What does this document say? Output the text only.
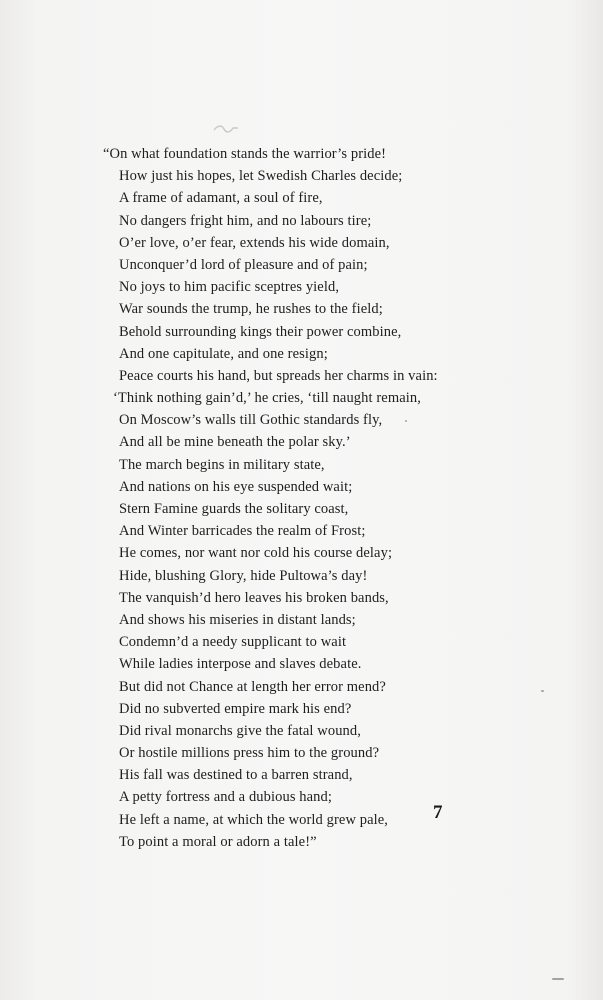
“On what foundation stands the warrior’s pride!
How just his hopes, let Swedish Charles decide;
A frame of adamant, a soul of fire,
No dangers fright him, and no labours tire;
O’er love, o’er fear, extends his wide domain,
Unconquer’d lord of pleasure and of pain;
No joys to him pacific sceptres yield,
War sounds the trump, he rushes to the field;
Behold surrounding kings their power combine,
And one capitulate, and one resign;
Peace courts his hand, but spreads her charms in vain:
‘Think nothing gain’d,’ he cries, ‘till naught remain,
On Moscow’s walls till Gothic standards fly,
And all be mine beneath the polar sky.’
The march begins in military state,
And nations on his eye suspended wait;
Stern Famine guards the solitary coast,
And Winter barricades the realm of Frost;
He comes, nor want nor cold his course delay;
Hide, blushing Glory, hide Pultowa’s day!
The vanquish’d hero leaves his broken bands,
And shows his miseries in distant lands;
Condemn’d a needy supplicant to wait
While ladies interpose and slaves debate.
But did not Chance at length her error mend?
Did no subverted empire mark his end?
Did rival monarchs give the fatal wound,
Or hostile millions press him to the ground?
His fall was destined to a barren strand,
A petty fortress and a dubious hand;
He left a name, at which the world grew pale,
To point a moral or adorn a tale!”
7
